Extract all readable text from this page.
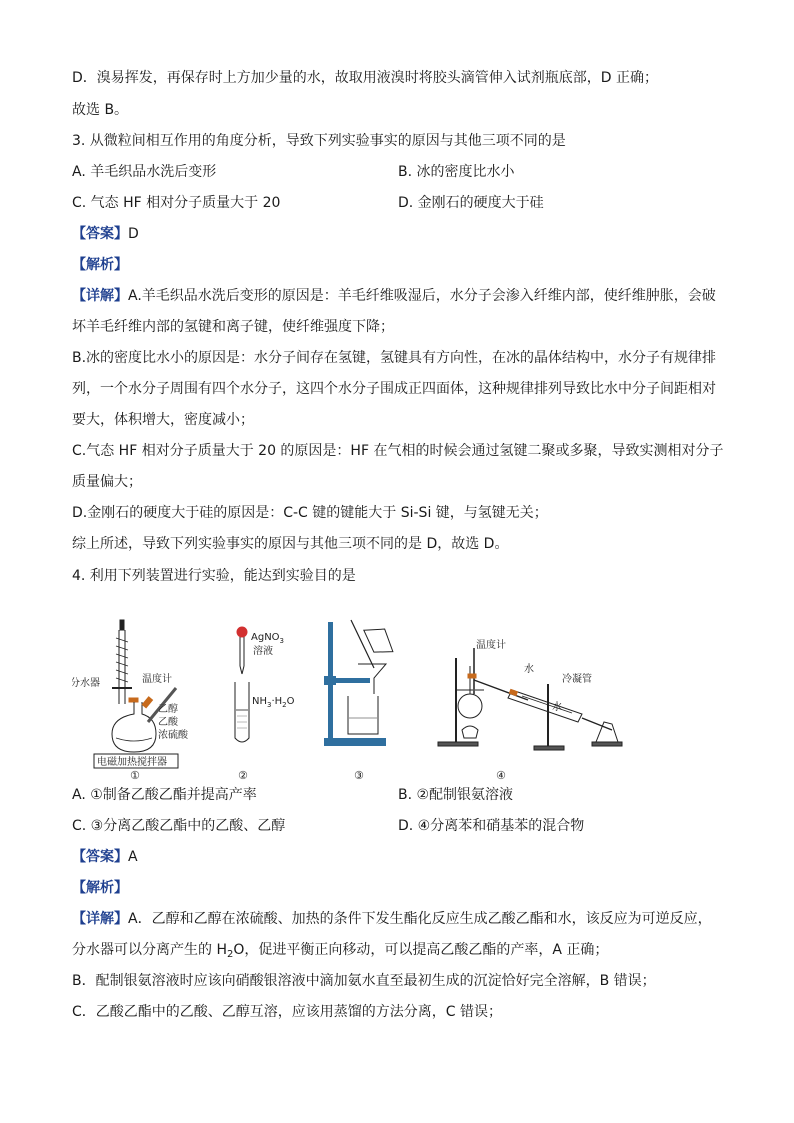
D．溴易挥发，再保存时上方加少量的水，故取用液溴时将胶头滴管伸入试剂瓶底部，D 正确；
故选 B。
3. 从微粒间相互作用的角度分析，导致下列实验事实的原因与其他三项不同的是
A. 羊毛织品水洗后变形	B. 冰的密度比水小
C. 气态 HF 相对分子质量大于 20	D. 金刚石的硬度大于硅
【答案】D
【解析】
【详解】A.羊毛织品水洗后变形的原因是：羊毛纤维吸湿后，水分子会渗入纤维内部，使纤维肿胀，会破
坏羊毛纤维内部的氢键和离子键，使纤维强度下降；
B.冰的密度比水小的原因是：水分子间存在氢键，氢键具有方向性，在冰的晶体结构中，水分子有规律排
列，一个水分子周围有四个水分子，这四个水分子围成正四面体，这种规律排列导致比水中分子间距相对
要大，体积增大，密度减小；
C.气态 HF 相对分子质量大于 20 的原因是：HF 在气相的时候会通过氢键二聚或多聚，导致实测相对分子
质量偏大；
D.金刚石的硬度大于硅的原因是：C-C 键的键能大于 Si-Si 键，与氢键无关；
综上所述，导致下列实验事实的原因与其他三项不同的是 D，故选 D。
4. 利用下列装置进行实验，能达到实验目的是
分水器	温度计
乙醇
乙酸
浓硫酸
电磁加热搅拌器
①
AgNO$_3$
溶液
$NH_3\cdot H_2O$
②	③
温度计
水
冷凝管
水
④
A. ①制备乙酸乙酯并提高产率	B. ②配制银氨溶液
C. ③分离乙酸乙酯中的乙酸、乙醇	D. ④分离苯和硝基苯的混合物
【答案】A
【解析】
【详解】A．乙醇和乙醇在浓硫酸、加热的条件下发生酯化反应生成乙酸乙酯和水，该反应为可逆反应，
分水器可以分离产生的 $H_2O$，促进平衡正向移动，可以提高乙酸乙酯的产率，A 正确；
B．配制银氨溶液时应该向硝酸银溶液中滴加氨水直至最初生成的沉淀恰好完全溶解，B 错误；
C．乙酸乙酯中的乙酸、乙醇互溶，应该用蒸馏的方法分离，C 错误；
